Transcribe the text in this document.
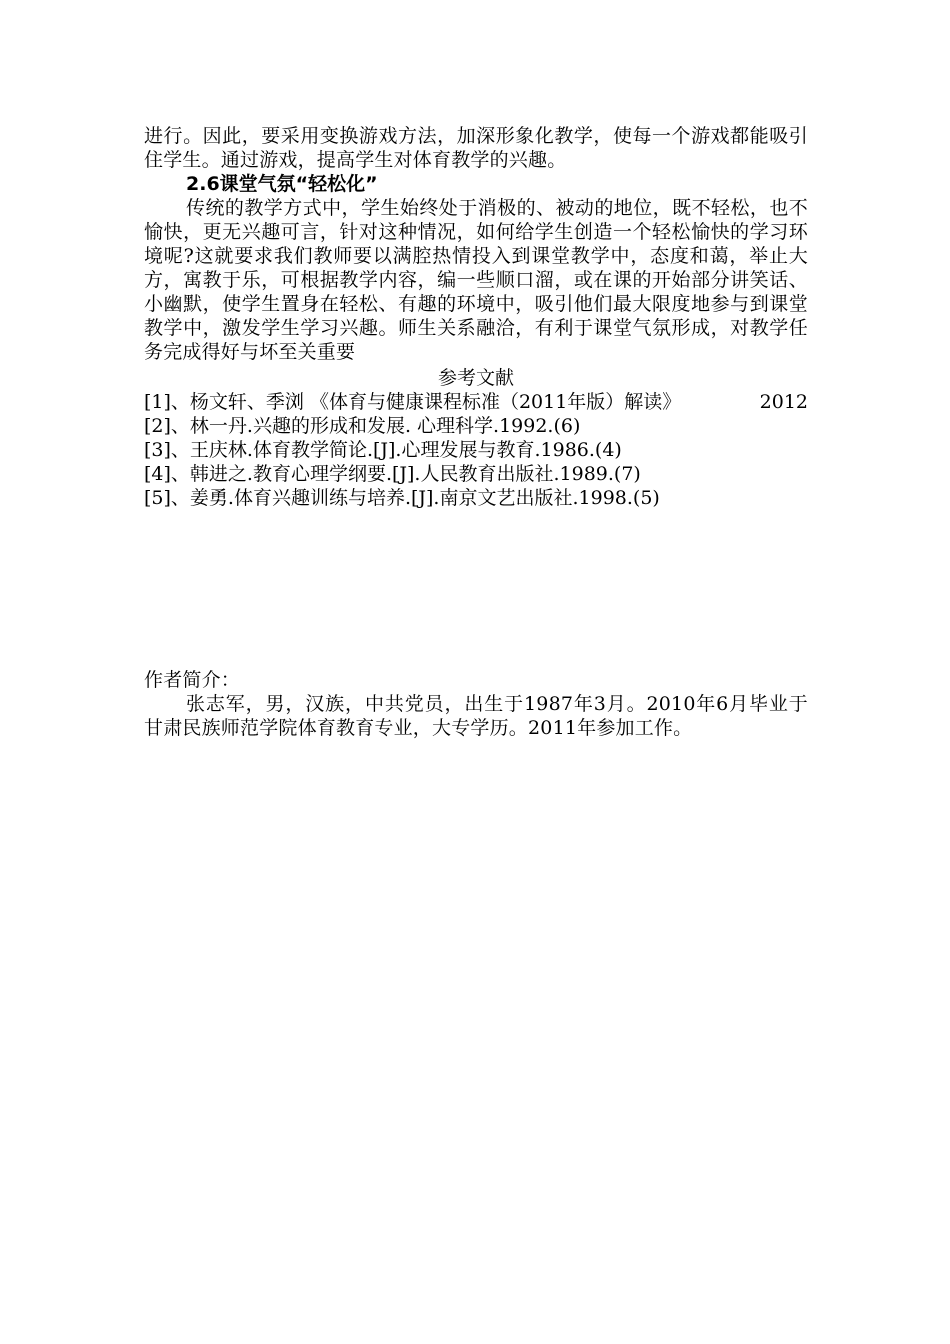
进行。因此，要采用变换游戏方法，加深形象化教学，使每一个游戏都能吸引住学生。通过游戏，提高学生对体育教学的兴趣。

2.6课堂气氛“轻松化”

传统的教学方式中，学生始终处于消极的、被动的地位，既不轻松，也不愉快，更无兴趣可言，针对这种情况，如何给学生创造一个轻松愉快的学习环境呢?这就要求我们教师要以满腔热情投入到课堂教学中，态度和蔼，举止大方，寓教于乐，可根据教学内容，编一些顺口溜，或在课的开始部分讲笑话、小幽默，使学生置身在轻松、有趣的环境中，吸引他们最大限度地参与到课堂教学中，激发学生学习兴趣。师生关系融洽，有利于课堂气氛形成，对教学任务完成得好与坏至关重要

参考文献
[1]、杨文轩、季浏 《体育与健康课程标准（2011年版）解读》	2012
[2]、林一丹.兴趣的形成和发展. 心理科学.1992.(6)
[3]、王庆林.体育教学简论.[J].心理发展与教育.1986.(4)
[4]、韩进之.教育心理学纲要.[J].人民教育出版社.1989.(7)
[5]、姜勇.体育兴趣训练与培养.[J].南京文艺出版社.1998.(5)

作者简介：

张志军，男，汉族，中共党员，出生于1987年3月。2010年6月毕业于甘肃民族师范学院体育教育专业，大专学历。2011年参加工作。
